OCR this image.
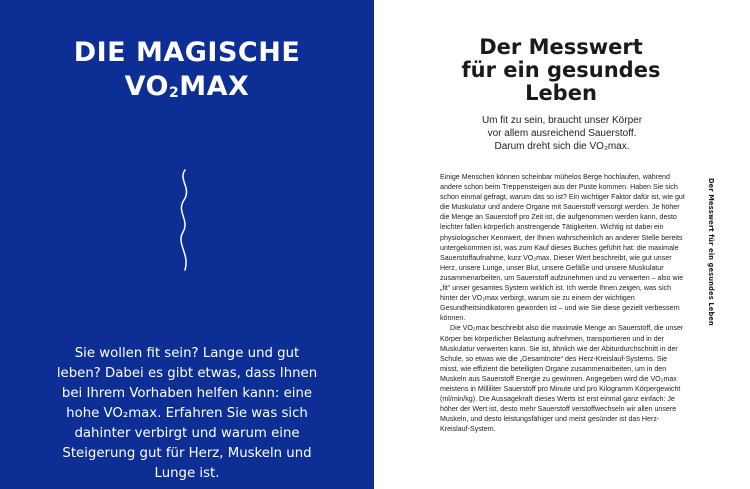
DIE MAGISCHE
$VO_2MAX$
Sie wollen fit sein? Lange und gut leben? Dabei es gibt etwas, dass Ihnen bei Ihrem Vorhaben helfen kann: eine hohe VO₂max. Erfahren Sie was sich dahinter verbirgt und warum eine Steigerung gut für Herz, Muskeln und Lunge ist.
Der Messwert
für ein gesundes
Leben
Um fit zu sein, braucht unser Körper
vor allem ausreichend Sauerstoff.
Darum dreht sich die VO₂max.

Einige Menschen können scheinbar mühelos Berge hochlaufen, während andere schon beim Treppensteigen aus der Puste kommen. Haben Sie sich schon einmal gefragt, warum das so ist? Ein wichtiger Faktor dafür ist, wie gut die Muskulatur und andere Organe mit Sauerstoff versorgt werden. Je höher die Menge an Sauerstoff pro Zeit ist, die aufgenommen werden kann, desto leichter fallen körperlich anstrengende Tätigkeiten. Wichtig ist dabei ein physiologischer Kennwert, der Ihnen wahrscheinlich an anderer Stelle bereits untergekommen ist, was zum Kauf dieses Buches geführt hat: die maximale Sauerstoffaufnahme, kurz VO₂max. Dieser Wert beschreibt, wie gut unser Herz, unsere Lunge, unser Blut, unsere Gefäße und unsere Muskulatur zusammenarbeiten, um Sauerstoff aufzunehmen und zu verwerten – also wie „fit“ unser gesamtes System wirklich ist. Ich werde Ihnen zeigen, was sich hinter der VO₂max verbirgt, warum sie zu einem der wichtigen Gesundheitsindikatoren geworden ist – und wie Sie diese gezielt verbessern können.

Die VO₂max beschreibt also die maximale Menge an Sauerstoff, die unser Körper bei körperlicher Belastung aufnehmen, transportieren und in der Muskulatur verwerten kann. Sie ist, ähnlich wie der Abiturdurchschnitt in der Schule, so etwas wie die „Gesamtnote“ des Herz-Kreislauf-Systems. Sie misst, wie effizient die beteiligten Organe zusammenarbeiten, um in den Muskeln aus Sauerstoff Energie zu gewinnen. Angegeben wird die VO₂max meistens in Milliliter Sauerstoff pro Minute und pro Kilogramm Körpergewicht (ml/min/kg). Die Aussagekraft dieses Werts ist erst einmal ganz einfach: Je höher der Wert ist, desto mehr Sauerstoff verstoffwechseln wir allen unsere Muskeln, und desto leistungsfähiger und meist gesünder ist das Herz-Kreislauf-System.

Der Messwert für ein gesundes Leben
